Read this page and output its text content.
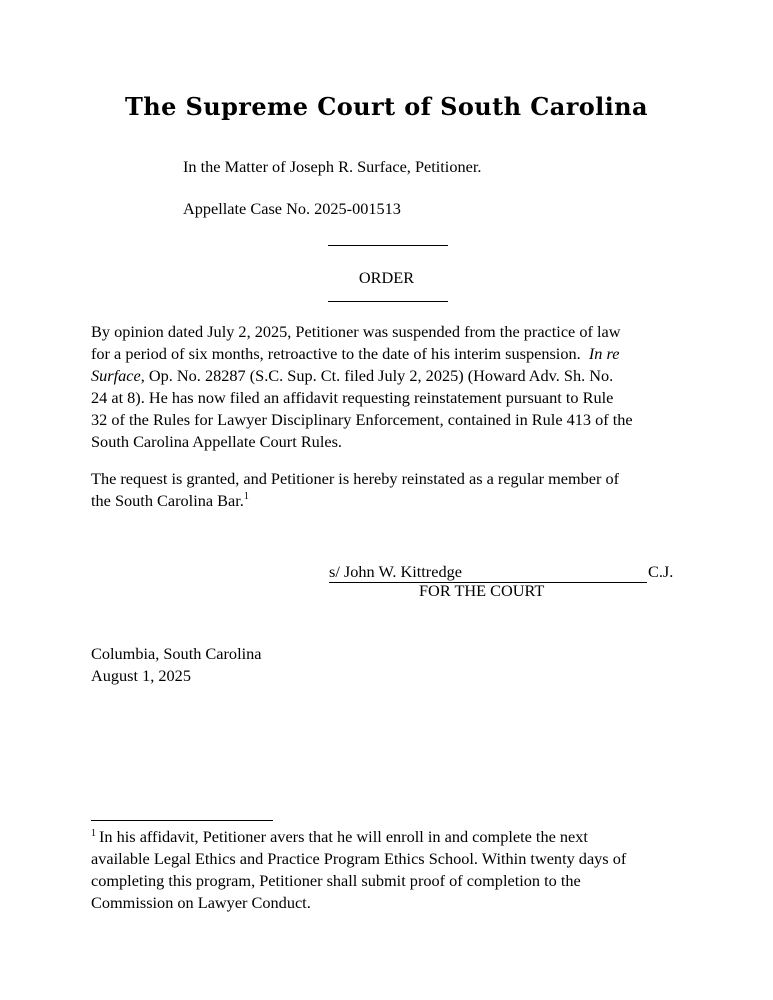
The Supreme Court of South Carolina
In the Matter of Joseph R. Surface, Petitioner.
Appellate Case No. 2025-001513
ORDER
By opinion dated July 2, 2025, Petitioner was suspended from the practice of law
for a period of six months, retroactive to the date of his interim suspension. In re
Surface, Op. No. 28287 (S.C. Sup. Ct. filed July 2, 2025) (Howard Adv. Sh. No.
24 at 8). He has now filed an affidavit requesting reinstatement pursuant to Rule
32 of the Rules for Lawyer Disciplinary Enforcement, contained in Rule 413 of the
South Carolina Appellate Court Rules.
The request is granted, and Petitioner is hereby reinstated as a regular member of
the South Carolina Bar.$^1$
s/ John W. Kittredge	C.J.
FOR THE COURT
Columbia, South Carolina
August 1, 2025
$^1$ In his affidavit, Petitioner avers that he will enroll in and complete the next
available Legal Ethics and Practice Program Ethics School. Within twenty days of
completing this program, Petitioner shall submit proof of completion to the
Commission on Lawyer Conduct.
